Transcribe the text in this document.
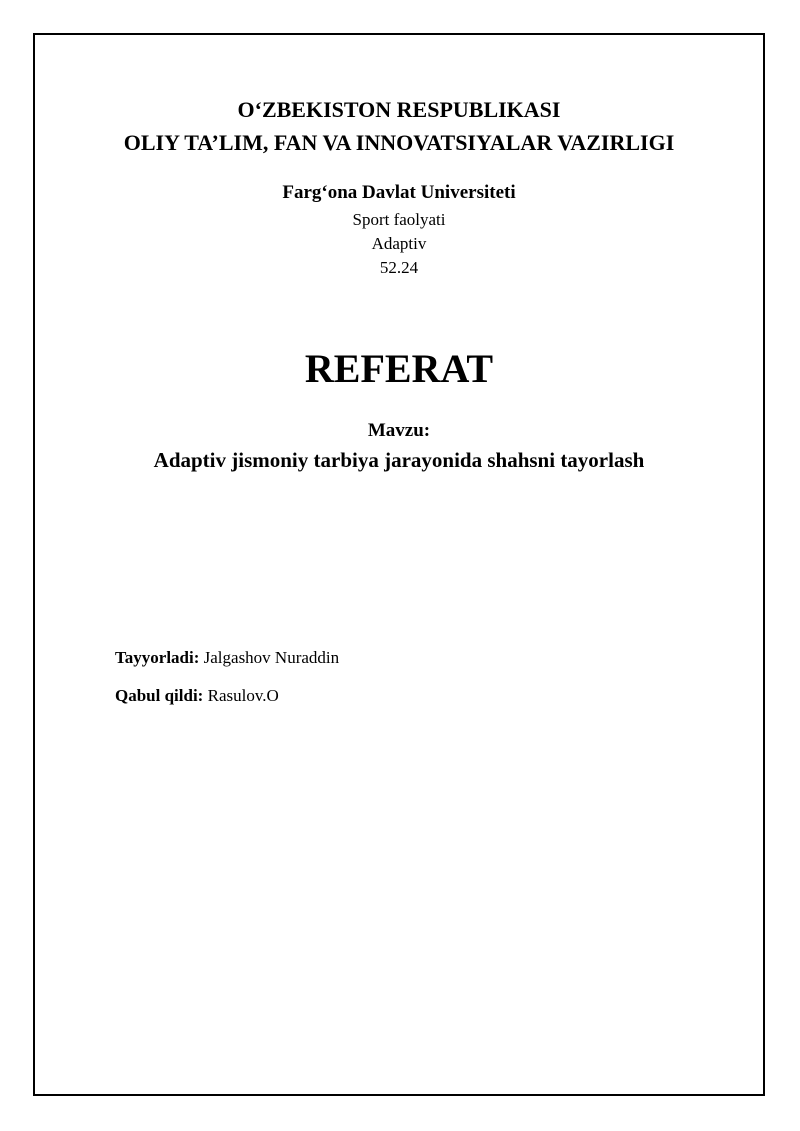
O‘ZBEKISTON RESPUBLIKASI
OLIY TA’LIM, FAN VA INNOVATSIYALAR VAZIRLIGI
Farg‘ona Davlat Universiteti
Sport faolyati
Adaptiv
52.24
REFERAT
Mavzu:
Adaptiv jismoniy tarbiya jarayonida shahsni tayorlash
Tayyorladi: Jalgashov Nuraddin
Qabul qildi: Rasulov.O
